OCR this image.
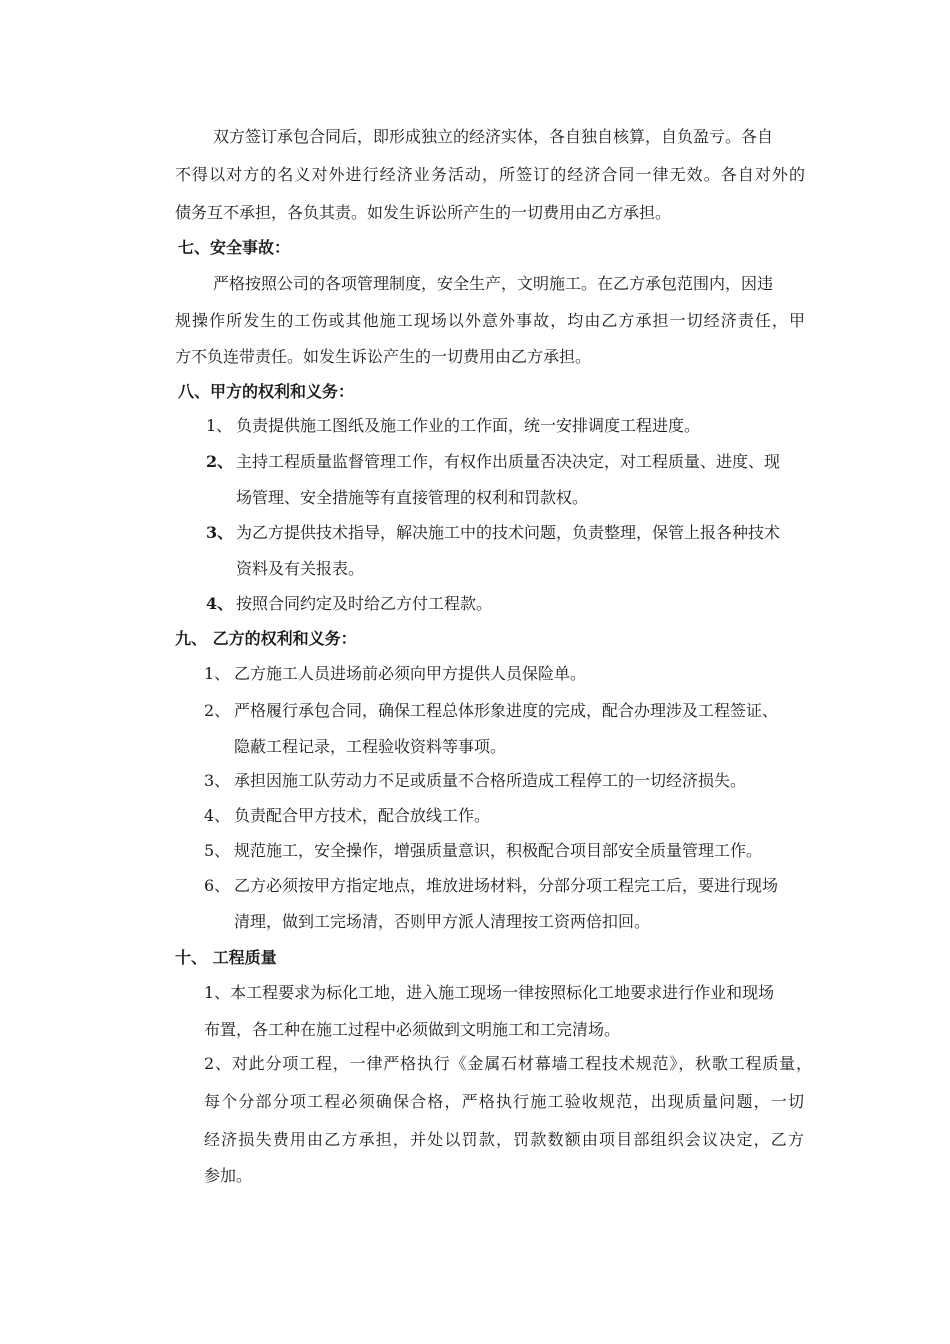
双方签订承包合同后，即形成独立的经济实体，各自独自核算，自负盈亏。各自
不得以对方的名义对外进行经济业务活动，所签订的经济合同一律无效。各自对外的
债务互不承担，各负其责。如发生诉讼所产生的一切费用由乙方承担。
七、安全事故：
严格按照公司的各项管理制度，安全生产，文明施工。在乙方承包范围内，因违
规操作所发生的工伤或其他施工现场以外意外事故，均由乙方承担一切经济责任，甲
方不负连带责任。如发生诉讼产生的一切费用由乙方承担。
八、甲方的权利和义务：
1、 负责提供施工图纸及施工作业的工作面，统一安排调度工程进度。
2、 主持工程质量监督管理工作，有权作出质量否决决定，对工程质量、进度、现
场管理、安全措施等有直接管理的权利和罚款权。
3、 为乙方提供技术指导，解决施工中的技术问题，负责整理，保管上报各种技术
资料及有关报表。
4、 按照合同约定及时给乙方付工程款。
九、 乙方的权利和义务：
1、 乙方施工人员进场前必须向甲方提供人员保险单。
2、 严格履行承包合同，确保工程总体形象进度的完成，配合办理涉及工程签证、
隐蔽工程记录，工程验收资料等事项。
3、 承担因施工队劳动力不足或质量不合格所造成工程停工的一切经济损失。
4、 负责配合甲方技术，配合放线工作。
5、 规范施工，安全操作，增强质量意识，积极配合项目部安全质量管理工作。
6、 乙方必须按甲方指定地点，堆放进场材料，分部分项工程完工后，要进行现场
清理，做到工完场清，否则甲方派人清理按工资两倍扣回。
十、 工程质量
1、本工程要求为标化工地，进入施工现场一律按照标化工地要求进行作业和现场
布置，各工种在施工过程中必须做到文明施工和工完清场。
2、对此分项工程，一律严格执行《金属石材幕墙工程技术规范》，秋歌工程质量，
每个分部分项工程必须确保合格，严格执行施工验收规范，出现质量问题，一切
经济损失费用由乙方承担，并处以罚款，罚款数额由项目部组织会议决定，乙方
参加。
